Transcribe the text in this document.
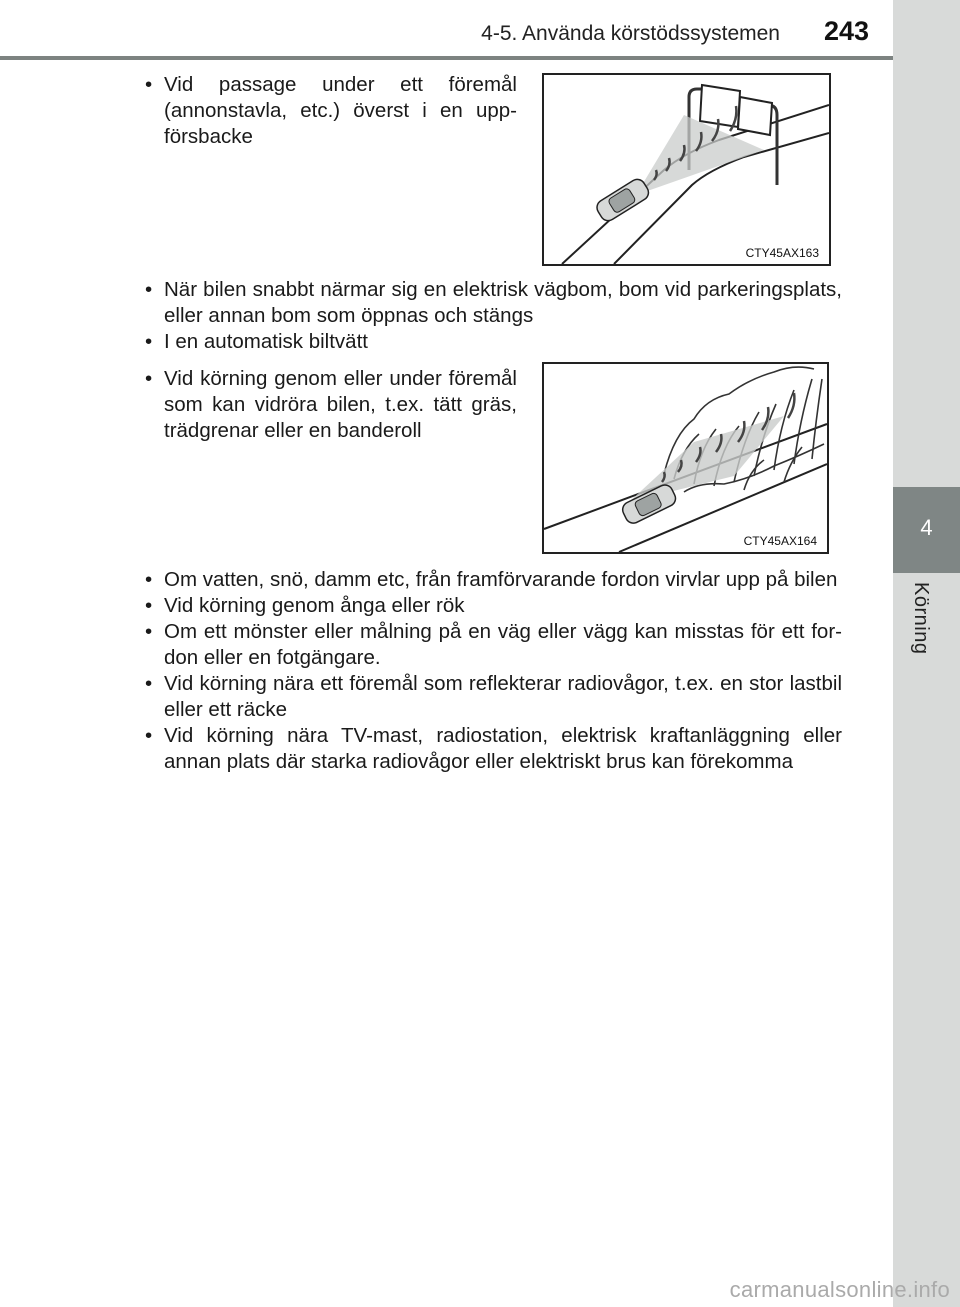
4-5. Använda körstödssystemen 243
4
Körning
• Vid passage under ett föremål (annonstavla, etc.) överst i en uppförsbacke
CTY45AX163
• När bilen snabbt närmar sig en elektrisk vägbom, bom vid parkeringsplats, eller annan bom som öppnas och stängs
• I en automatisk biltvätt
• Vid körning genom eller under föremål som kan vidröra bilen, t.ex. tätt gräs, trädgrenar eller en banderoll
CTY45AX164
• Om vatten, snö, damm etc, från framförvarande fordon virvlar upp på bilen
• Vid körning genom ånga eller rök
• Om ett mönster eller målning på en väg eller vägg kan misstas för ett fordon eller en fotgängare.
• Vid körning nära ett föremål som reflekterar radiovågor, t.ex. en stor lastbil eller ett räcke
• Vid körning nära TV-mast, radiostation, elektrisk kraftanläggning eller annan plats där starka radiovågor eller elektriskt brus kan förekomma
carmanualsonline.info
